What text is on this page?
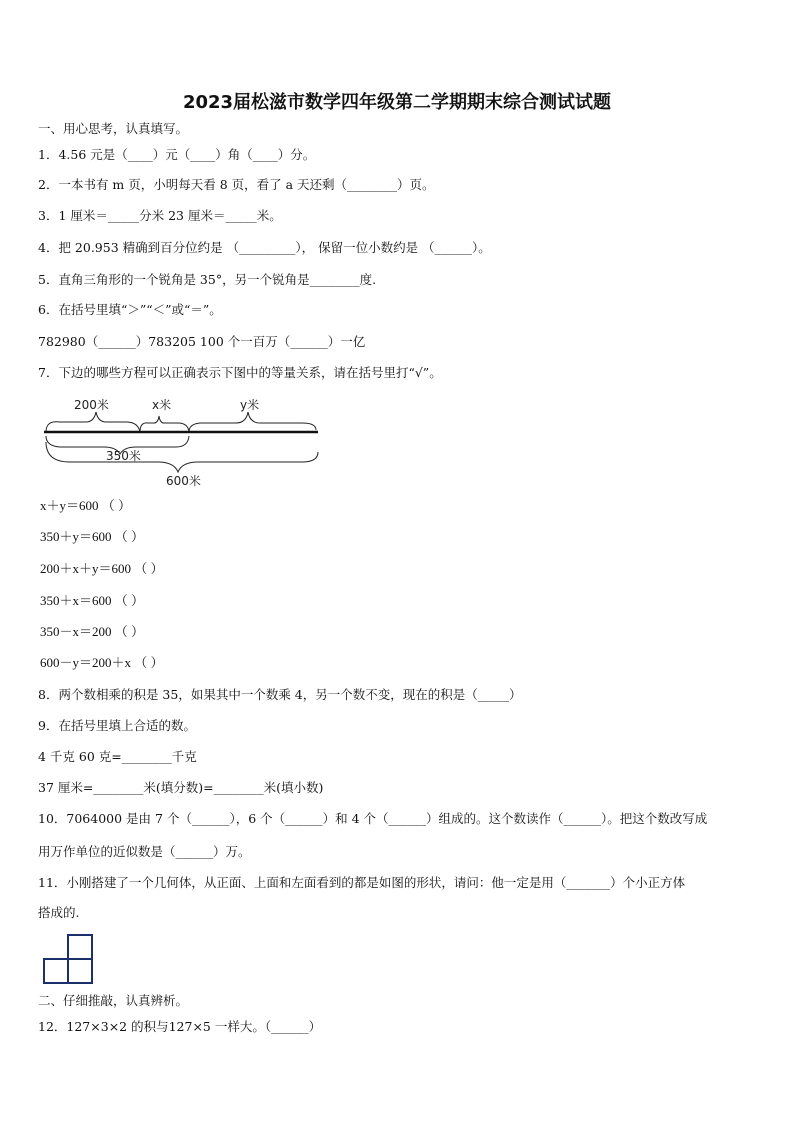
2023届松滋市数学四年级第二学期期末综合测试试题
一、用心思考，认真填写。
1．4.56 元是（____）元（____）角（____）分。
2．一本书有 m 页，小明每天看 8 页，看了 a 天还剩（________）页。
3．1 厘米＝_____分米 23 厘米＝_____米。
4．把 20.953 精确到百分位约是 （_________）， 保留一位小数约是 （______）。
5．直角三角形的一个锐角是 35°，另一个锐角是________度.
6．在括号里填“＞”“＜”或“＝”。
782980（______）783205 100 个一百万（______）一亿
7．下边的哪些方程可以正确表示下图中的等量关系，请在括号里打“√”。
200米	x米	y米
350米
600米
x＋y＝600 （ ）
350＋y＝600 （ ）
200＋x＋y＝600 （ ）
350＋x＝600 （ ）
350－x＝200 （ ）
600－y＝200＋x （ ）
8．两个数相乘的积是 35，如果其中一个数乘 4，另一个数不变，现在的积是（_____）
9．在括号里填上合适的数。
4 千克 60 克=________千克
37 厘米=________米(填分数)=________米(填小数)
10．7064000 是由 7 个（______），6 个（______）和 4 个（______）组成的。这个数读作（______）。把这个数改写成
用万作单位的近似数是（______）万。
11．小刚搭建了一个几何体，从正面、上面和左面看到的都是如图的形状，请问：他一定是用（_______）个小正方体
搭成的.
二、仔细推敲，认真辨析。
12．127×3×2 的积与127×5 一样大。（______）
